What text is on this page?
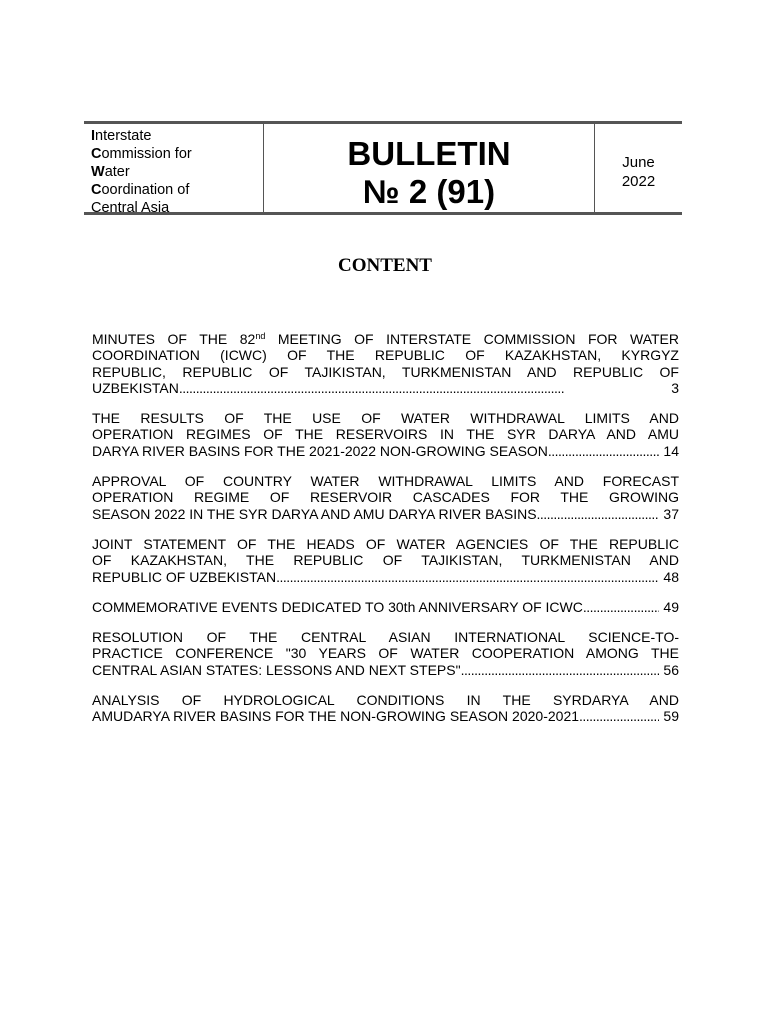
Interstate
Commission for
Water
Coordination of
Central Asia
BULLETIN
№ 2 (91)
June
2022
CONTENT
MINUTES OF THE 82nd MEETING OF INTERSTATE COMMISSION FOR WATER
COORDINATION (ICWC) OF THE REPUBLIC OF KAZAKHSTAN, KYRGYZ
REPUBLIC, REPUBLIC OF TAJIKISTAN, TURKMENISTAN AND REPUBLIC OF
UZBEKISTAN . . .	3
THE RESULTS OF THE USE OF WATER WITHDRAWAL LIMITS AND
OPERATION REGIMES OF THE RESERVOIRS IN THE SYR DARYA AND AMU
DARYA RIVER BASINS FOR THE 2021-2022 NON-GROWING SEASON . . .	14
APPROVAL OF COUNTRY WATER WITHDRAWAL LIMITS AND FORECAST
OPERATION REGIME OF RESERVOIR CASCADES FOR THE GROWING
SEASON 2022 IN THE SYR DARYA AND AMU DARYA RIVER BASINS . . .	37
JOINT STATEMENT OF THE HEADS OF WATER AGENCIES OF THE REPUBLIC
OF KAZAKHSTAN, THE REPUBLIC OF TAJIKISTAN, TURKMENISTAN AND
REPUBLIC OF UZBEKISTAN . . .	48
COMMEMORATIVE EVENTS DEDICATED TO 30th ANNIVERSARY OF ICWC . . .	49
RESOLUTION OF THE CENTRAL ASIAN INTERNATIONAL SCIENCE-TO-
PRACTICE CONFERENCE "30 YEARS OF WATER COOPERATION AMONG THE
CENTRAL ASIAN STATES: LESSONS AND NEXT STEPS" . . .	56
ANALYSIS OF HYDROLOGICAL CONDITIONS IN THE SYRDARYA AND
AMUDARYA RIVER BASINS FOR THE NON-GROWING SEASON 2020-2021 . . .	59
